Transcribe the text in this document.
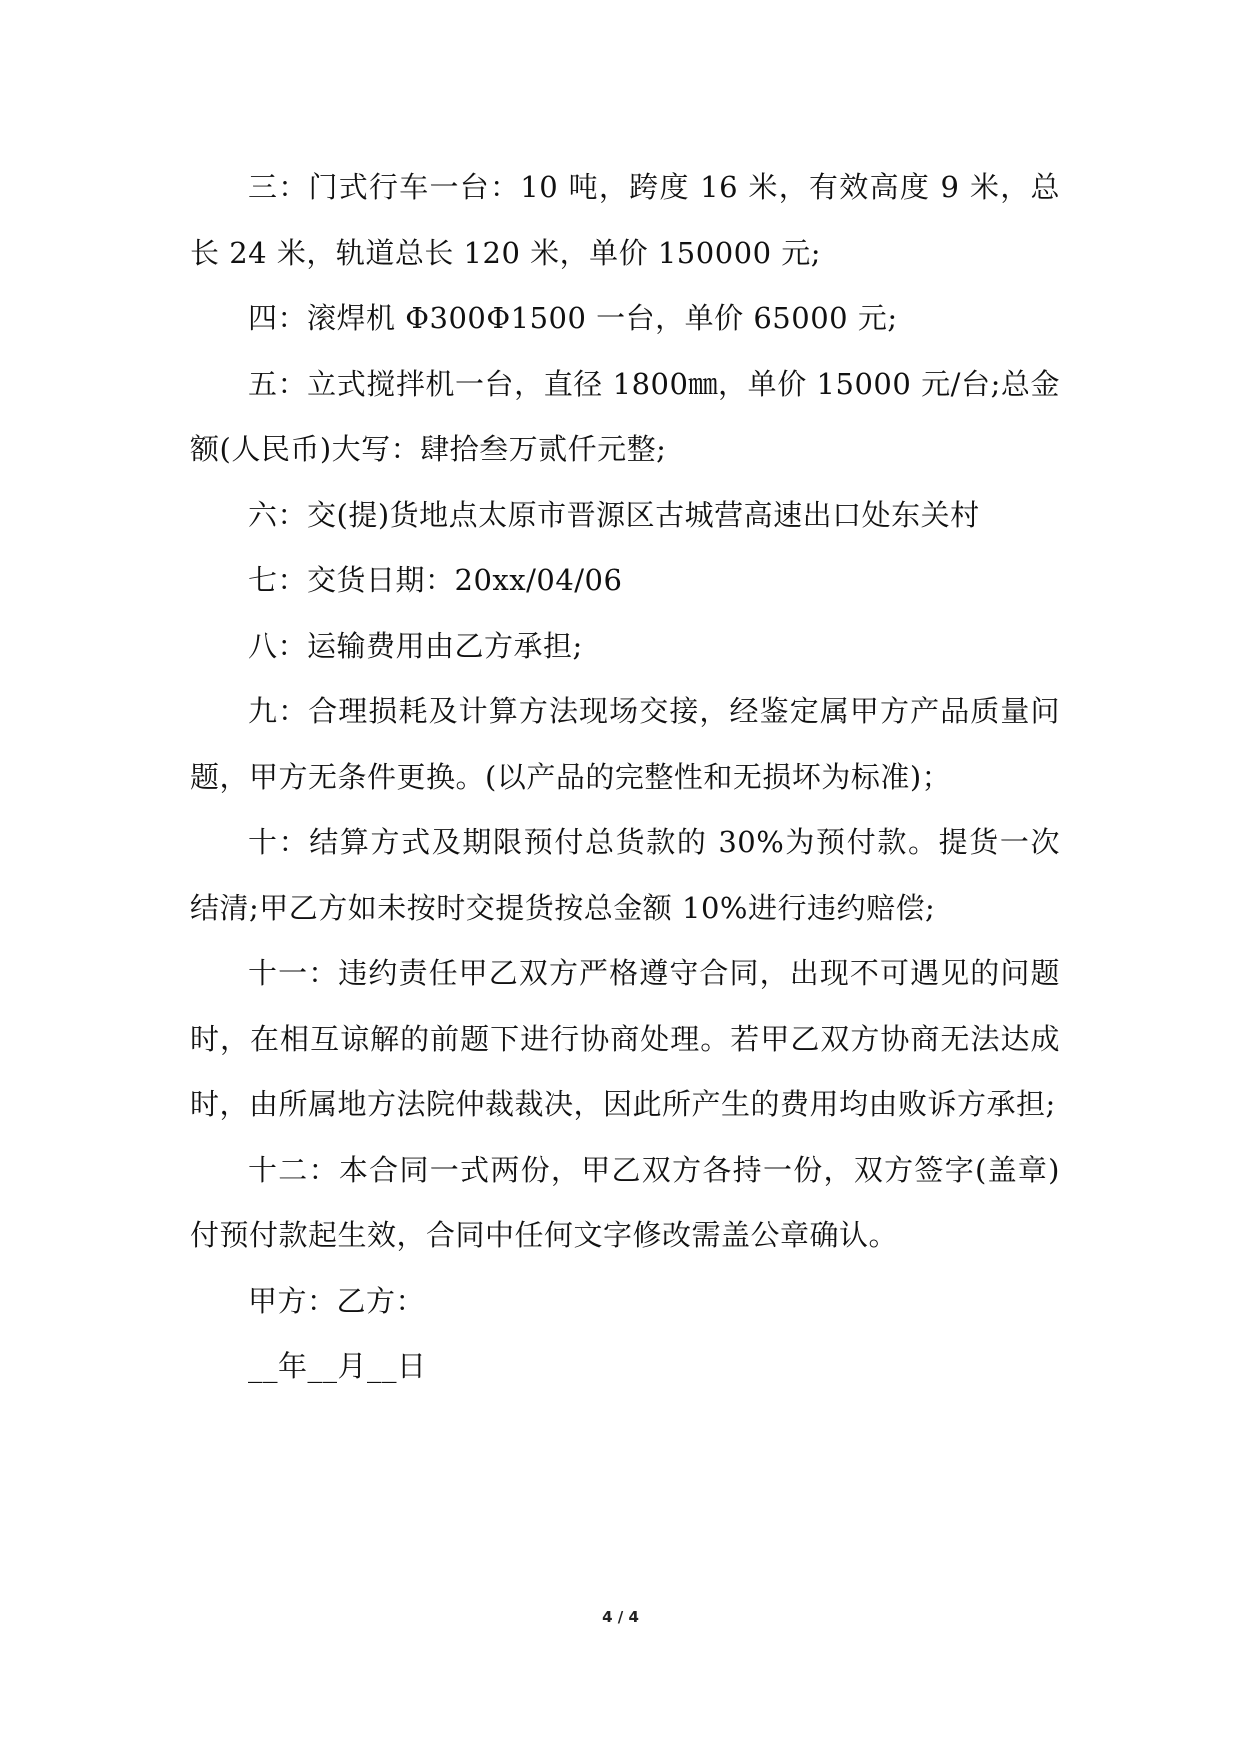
三：门式行车一台：10 吨，跨度 16 米，有效高度 9 米，总长 24 米，轨道总长 120 米，单价 150000 元;

四：滚焊机 Φ300Φ1500 一台，单价 65000 元;

五：立式搅拌机一台，直径 1800㎜，单价 15000 元/台;总金额(人民币)大写：肆拾叁万贰仟元整;

六：交(提)货地点太原市晋源区古城营高速出口处东关村

七：交货日期：20xx/04/06

八：运输费用由乙方承担;

九：合理损耗及计算方法现场交接，经鉴定属甲方产品质量问题，甲方无条件更换。(以产品的完整性和无损坏为标准)；

十：结算方式及期限预付总货款的 30%为预付款。提货一次结清;甲乙方如未按时交提货按总金额 10%进行违约赔偿;

十一：违约责任甲乙双方严格遵守合同，出现不可遇见的问题时，在相互谅解的前题下进行协商处理。若甲乙双方协商无法达成时，由所属地方法院仲裁裁决，因此所产生的费用均由败诉方承担;

十二：本合同一式两份，甲乙双方各持一份，双方签字(盖章)付预付款起生效，合同中任何文字修改需盖公章确认。

甲方：乙方：

__年__月__日

4 / 4
